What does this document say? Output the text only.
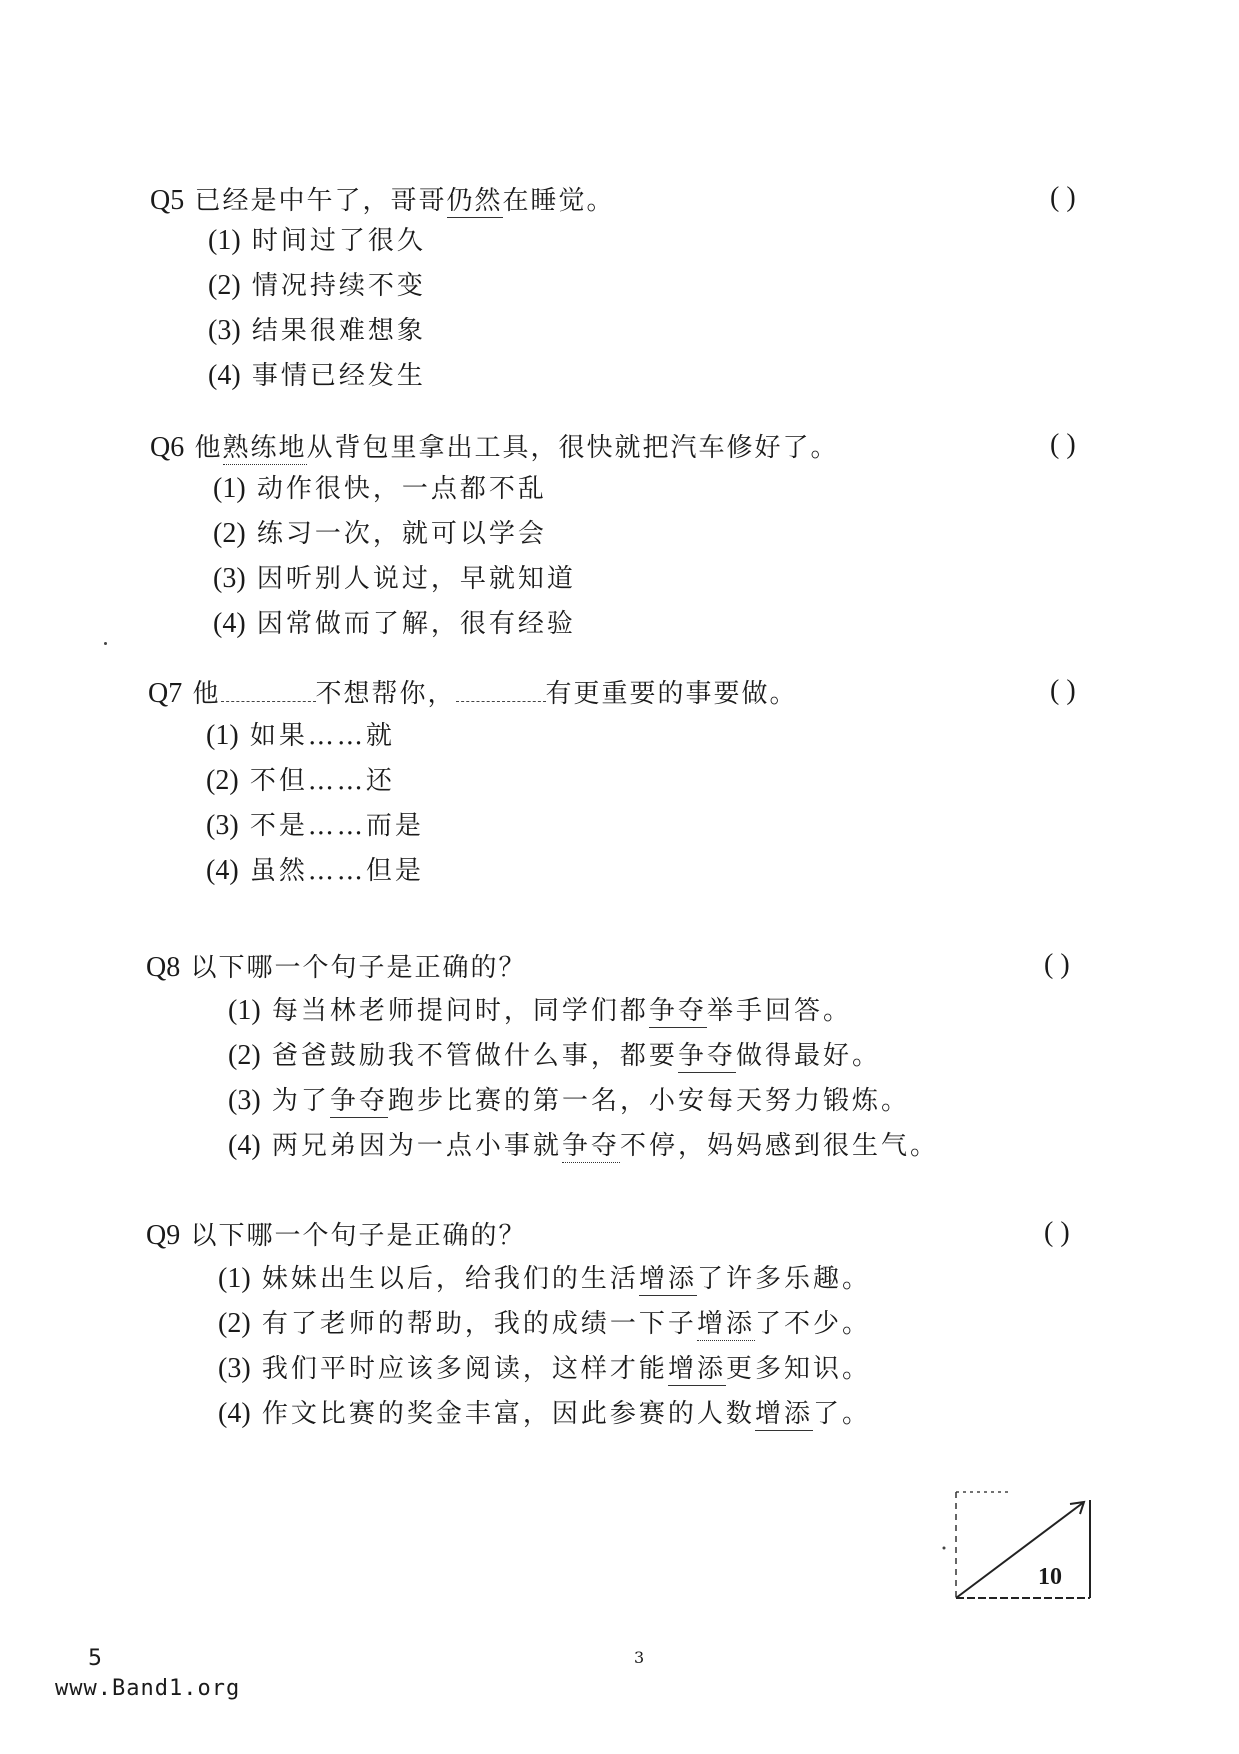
Q5 已经是中午了，哥哥仍然在睡觉。	( )
(1) 时间过了很久
(2) 情况持续不变
(3) 结果很难想象
(4) 事情已经发生
Q6 他熟练地从背包里拿出工具，很快就把汽车修好了。	( )
(1) 动作很快，一点都不乱
(2) 练习一次，就可以学会
(3) 因听别人说过，早就知道
(4) 因常做而了解，很有经验
Q7 他	不想帮你，	有更重要的事要做。	( )
(1) 如果……就
(2) 不但……还
(3) 不是……而是
(4) 虽然……但是
Q8 以下哪一个句子是正确的？	( )
(1) 每当林老师提问时，同学们都争夺举手回答。
(2) 爸爸鼓励我不管做什么事，都要争夺做得最好。
(3) 为了争夺跑步比赛的第一名，小安每天努力锻炼。
(4) 两兄弟因为一点小事就争夺不停，妈妈感到很生气。
Q9 以下哪一个句子是正确的？	( )
(1) 妹妹出生以后，给我们的生活增添了许多乐趣。
(2) 有了老师的帮助，我的成绩一下子增添了不少。
(3) 我们平时应该多阅读，这样才能增添更多知识。
(4) 作文比赛的奖金丰富，因此参赛的人数增添了。
10
5
www.Band1.org
3
